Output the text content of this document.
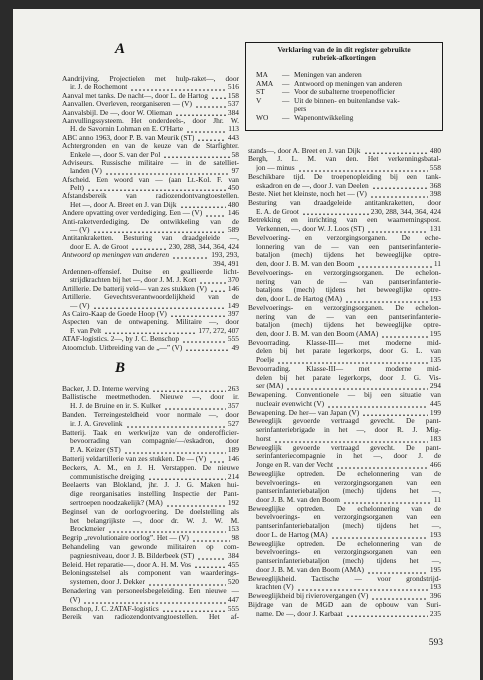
A
Aandrijving. Projectielen met hulp-raket—, door
ir. J. de Rochemont	516
Aanval met tanks. De nacht—, door L. de Hartog	158
Aanvallen. Overleven, reorganiseren — (V)	537
Aanvalsbijl. De —, door W. Olieman	384
Aanvullingssysteem. Het onderdeels-, door Jhr. W.
H. de Savornin Lohman en E. O'Harte	113
ABC anno 1963, door P. B. van Meurik (ST)	443
Achtergronden en van de keuze van de Starfighter.
Enkele —, door S. van der Pol	58
Adviseurs. Russische militaire — in de satelliet-
landen (V)	97
Afscheid. Een woord van — (aan Lt.-Kol. F. van
Pelt)	450
Afstandsbereik van radiozendontvangtoestellen.
Het —, door A. Breet en J. van Dijk	480
Andere opvatting over verdediging. Een — (V)	146
Anti-raketverdediging. De ontwikkeling van de
— (V)	589
Antitankraketten. Besturing van draadgeleide —,
door E. A. de Groot	230, 288, 344, 364, 424
Antwoord op meningen van anderen	193, 293,
394, 491
Ardennen-offensief. Duitse en geallieerde licht-
strijdkrachten bij het —, door J. M. J. Kort	370
Artillerie. De batterij veld— van zes stukken (V)	146
Artillerie. Gevechtsverantwoordelijkheid van de
— (V)	149
As Cairo-Kaap de Goede Hoop (V)	397
Aspecten van de ontwapening. Militaire —, door
F. van Pelt	177, 272, 407
ATAF-logistics. 2—, by J. C. Benschop	555
Atoomclub. Uitbreiding van de „—” (V)	49
B
Backer, J. D. Interne werving	263
Ballistische meetmethoden. Nieuwe —, door ir.
H. J. de Bruine en ir. S. Kulker	357
Banden. Terreingesteldheid voor normale —, door
ir. J. A. Grevelink	527
Batterij. Taak en werkwijze van de onderofficier-
bevoorrading van compagnie/—/eskadron, door
P. A. Keizer (ST)	189
Batterij veldartillerie van zes stukken. De — (V)	146
Beckers, A. M., en J. H. Verstappen. De nieuwe
communistische dreiging	214
Beelaerts van Blokland, jhr. J. J. G. Maken hui-
dige reorganisaties instelling Inspectie der Pant-
sertroepen noodzakelijk? (MA)	192
Beginsel van de oorlogvoering. De doelstelling als
het belangrijkste —, door dr. W. J. W. M.
Brockmeier	153
Begrip „revolutionaire oorlog”. Het — (V)	98
Behandeling van gewonde militairen op com-
pagniesniveau, door J. B. Bilderbeek (ST)	384
Beleid. Het reparatie-—, door A. H. M. Vos	455
Beloningsstelsel als component van waarderings-
systemen, door J. Dekker	520
Benadering van personeelsbegeleiding. Een nieuwe —
(V)	447
Benschop, J. C. 2ATAF-logistics	555
Bereik van radiozendontvangtoestellen. Het af-
Verklaring van de in dit register gebruikte
rubriek-afkortingen
MA	— Meningen van anderen
AMA	— Antwoord op meningen van anderen
ST	— Voor de subalterne troepenofficier
V	— Uit de binnen- en buitenlandse vak-
pers
WO	— Wapenontwikkeling
stands—, door A. Breet en J. van Dijk	480
Bergh, J. L. M. van den. Het verkenningsbatal-
jon — minus	558
Beschikbare tijd. De troepenopleiding bij een tank-
eskadron en de —, door J. van Deelen	368
Beste. Niet het kleinste, noch het — (V)	398
Besturing van draadgeleide antitankraketten, door
E. A. de Groot	230, 288, 344, 364, 424
Betrekking en inrichting van een waarnemingspost.
Verkennen, —, door W. J. Loos (ST)	131
Bevelvoering- en verzorgingsorganen. De eche-
lonnering van de — van een pantserinfanterie-
bataljon (mech) tijdens het beweeglijke optre-
den, door J. B. M. van den Boom	11
Bevelvoerings- en verzorgingsorganen. De echelon-
nering van de — van pantserinfanterie-
bataljons (mech) tijdens het beweeglijke optre-
den, door L. de Hartog (MA)	193
Bevelvoerings- en verzorgingsorganen. De echelon-
nering van de — van een pantserinfanterie-
bataljon (mech) tijdens het beweeglijke optre-
den, door J. B. M. van den Boom (AMA)	195
Bevoorrading. Klasse-III— met moderne mid-
delen bij het parate legerkorps, door G. L. van
Poelje	135
Bevoorrading. Klasse-III— met moderne mid-
delen bij het parate legerkorps, door J. G. Vis-
ser (MA)	294
Bewapening. Conventionele — bij een situatie van
nucleair evenwicht (V)	445
Bewapening. De her— van Japan (V)	199
Beweeglijk gevoerde vertraagd gevecht. De pant-
serinfanteriebrigade in het —, door R. J. Mig-
horst	183
Beweeglijk gevoerde vertraagd gevecht. De pant-
serinfanteriecompagnie in het —, door J. de
Jonge en R. van der Vecht	466
Beweeglijke optreden. De echelonnering van de
bevelvoerings- en verzorgingsorganen van een
pantserinfanteriebataljon (mech) tijdens het —,
door J. B. M. van den Boom	11
Beweeglijke optreden. De echelonnering van de
bevelvoerings- en verzorgingsorganen van een
pantserinfanteriebataljon (mech) tijdens het —,
door L. de Hartog (MA)	193
Beweeglijke optreden. De echelonnering van de
bevelvoerings- en verzorgingsorganen van een
pantserinfanteriebataljon (mech) tijdens het —,
door J. B. M. van den Boom (AMA)	195
Beweeglijkheid. Tactische — voor grondstrijd-
krachten (V)	193
Beweeglijkheid bij rivierovergangen (V)	396
Bijdrage van de MGD aan de opbouw van Suri-
name. De —, door J. Karbaat	235
593
